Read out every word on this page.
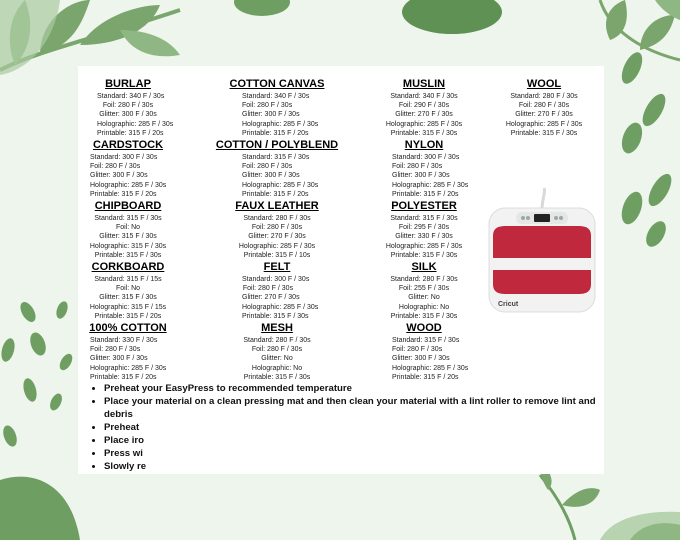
BURLAP
Standard: 340 F / 30s
Foil: 280 F / 30s
Glitter: 300 F / 30s
Holographic: 285 F / 30s
Printable: 315 F / 20s
COTTON CANVAS
Standard: 340 F / 30s
Foil: 280 F / 30s
Glitter: 300 F / 30s
Holographic: 285 F / 30s
Printable: 315 F / 20s
MUSLIN
Standard: 340 F / 30s
Foil: 290 F / 30s
Glitter: 270 F / 30s
Holographic: 285 F / 30s
Printable: 315 F / 30s
WOOL
Standard: 280 F / 30s
Foil: 280 F / 30s
Glitter: 270 F / 30s
Holographic: 285 F / 30s
Printable: 315 F / 30s
CARDSTOCK
Standard: 300 F / 30s
Foil: 280 F / 30s
Glitter: 300 F / 30s
Holographic: 285 F / 30s
Printable: 315 F / 20s
COTTON / POLYBLEND
Standard: 315 F / 30s
Foil: 280 F / 30s
Glitter: 300 F / 30s
Holographic: 285 F / 30s
Printable: 315 F / 20s
NYLON
Standard: 300 F / 30s
Foil: 280 F / 30s
Glitter: 300 F / 30s
Holographic: 285 F / 30s
Printable: 315 F / 20s
CHIPBOARD
Standard: 315 F / 30s
Foil: No
Glitter: 315 F / 30s
Holographic: 315 F / 30s
Printable: 315 F / 30s
FAUX LEATHER
Standard: 280 F / 30s
Foil: 280 F / 30s
Glitter: 270 F / 30s
Holographic: 285 F / 30s
Printable: 315 F / 10s
POLYESTER
Standard: 315 F / 30s
Foil: 295 F / 30s
Glitter: 330 F / 30s
Holographic: 285 F / 30s
Printable: 315 F / 30s
CORKBOARD
Standard: 315 F / 15s
Foil: No
Glitter: 315 F / 30s
Holographic: 315 F / 15s
Printable: 315 F / 20s
FELT
Standard: 300 F / 30s
Foil: 280 F / 30s
Glitter: 270 F / 30s
Holographic: 285 F / 30s
Printable: 315 F / 30s
SILK
Standard: 280 F / 30s
Foil: 255 F / 30s
Glitter: No
Holographic: No
Printable: 315 F / 30s
100% COTTON
Standard: 330 F / 30s
Foil: 280 F / 30s
Glitter: 300 F / 30s
Holographic: 285 F / 30s
Printable: 315 F / 20s
MESH
Standard: 280 F / 30s
Foil: 280 F / 30s
Glitter: No
Holographic: No
Printable: 315 F / 30s
WOOD
Standard: 315 F / 30s
Foil: 280 F / 30s
Glitter: 300 F / 30s
Holographic: 285 F / 30s
Printable: 315 F / 20s
Cricut
• Preheat your EasyPress to recommended temperature
• Place your material on a clean pressing mat and then clean your material with a lint roller to remove lint and debris
• Preheat
• Place iro
• Press wi
• Slowly re
